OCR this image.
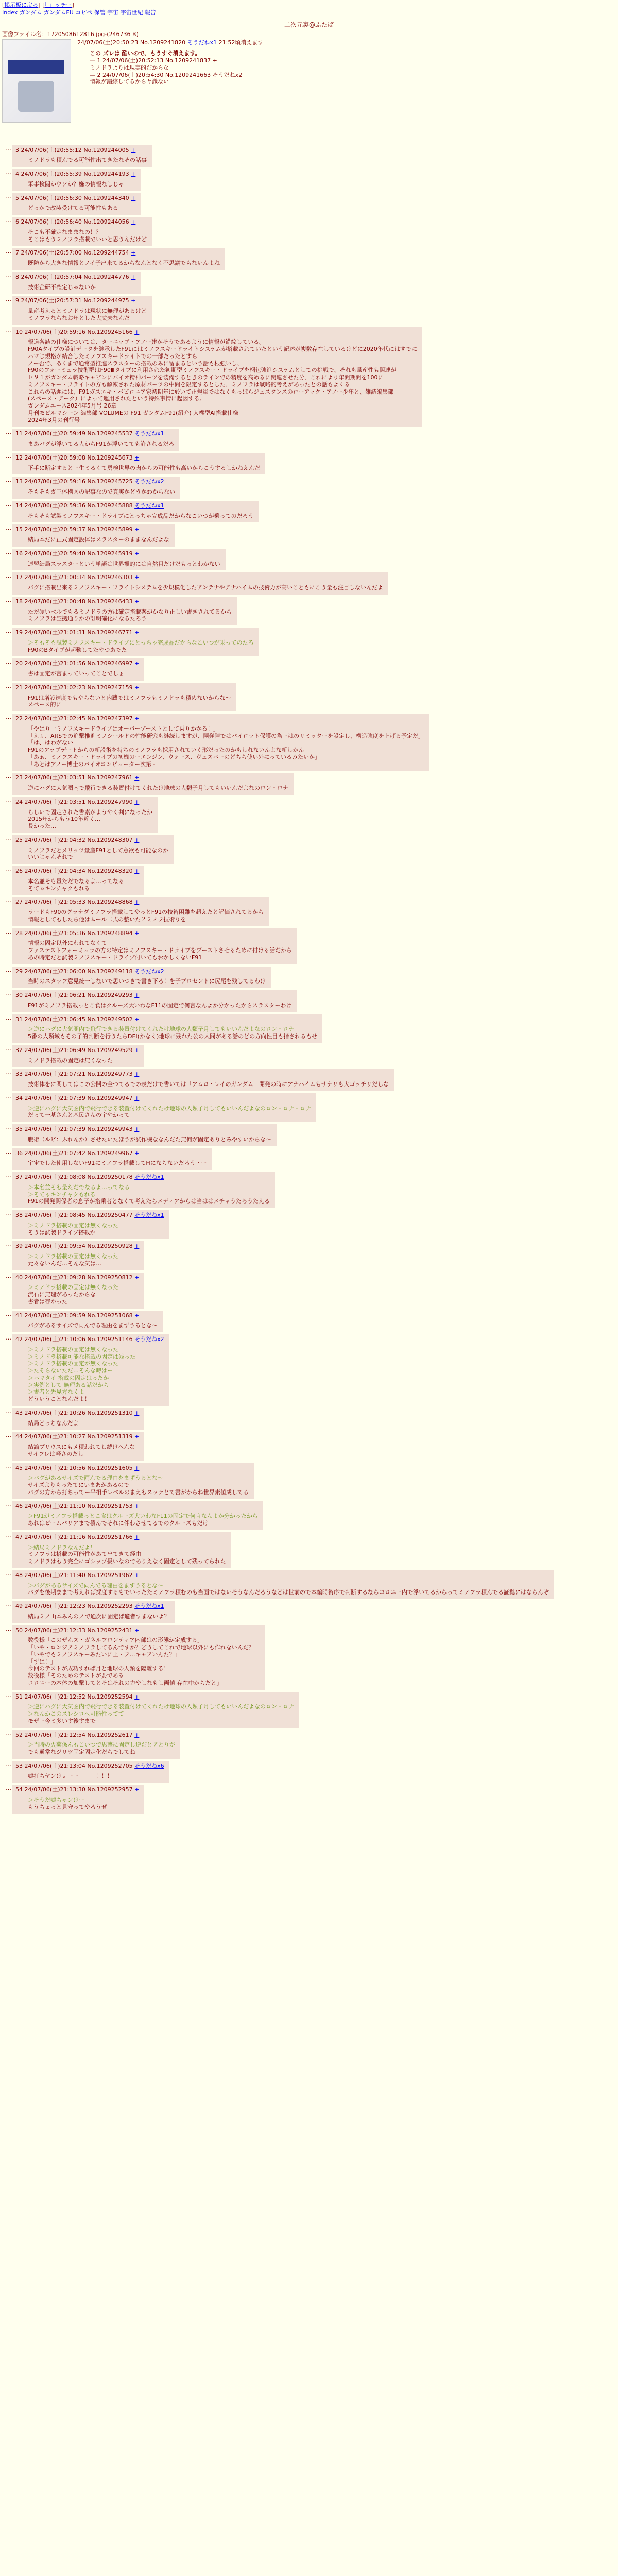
[掲示板に戻る] [「 」ッチー]
Index ガンダム ガンダムFU コピペ 保管 宇宙 宇宙世紀 報告
二次元裏@ふたば
画像ファイル名：1720508612816.jpg-(246736 B)
24/07/06(土)20:50:23 No.1209241820 そうだねx1 21:52頃消えます

この ズレは 酷いので、もうすぐ消えます。

— 1 24/07/06(土)20:52:13 No.1209241837 +

ミノドラよりは現実的だからな

— 2 24/07/06(土)20:54:30 No.1209241663 そうだねx2

情報が錯綜してるからヤ識ない

… 3 24/07/06(土)20:55:12 No.1209244005 +

ミノドラも積んでる可能性出てきたなその話事

… 4 24/07/06(土)20:55:39 No.1209244193 +

軍事検閲かウソか？嫌の情報なしじゃ

… 5 24/07/06(土)20:56:30 No.1209244340 +

どっかで改装受けてる可能性もある

… 6 24/07/06(土)20:56:40 No.1209244056 +

そこも不確定なままなの！？

そこはもうミノフラ搭載でいいと思うんだけど

… 7 24/07/06(土)20:57:00 No.1209244754 +

既防から大きな情報とノイ子出来てるからなんとなく不思議でもないんよね

… 8 24/07/06(土)20:57:04 No.1209244776 +

技術企研不確定じゃないか

… 9 24/07/06(土)20:57:31 No.1209244975 +

量産考えるとミノドラは現状に無理があるけど

ミノフラならなお年とした大丈夫なんだ

… 10 24/07/06(土)20:59:16 No.1209245166 +

報道各誌の仕様については、ターニップ・アノー建がそうであるように情報が錯綜している。

F90Aタイプの設計データを継承したF91にはミノフスキードライトシステムが搭載されていたという記述が複数存在しているけどに2020年代にはすでに

ハマじ規格が結合したミノフスキードライトでの一部だったとすら

ノー否で、あくまで通常型推進スラスターの搭載のみに留まるという話も根強いし、

F90のフォーミュラ技術群はF90Ⅲタイプに利用された初期型ミノフスキー・ドライブを梱包強進システムとしての挑戦で、それも量産性も関連が

Ｆ９１がガンダム戦略キャビンにバイオ精神パーツを装備するときのラインでの精度を高めるに関連させた分、これにより年間期間を100に

ミノフスキー・フライトの方も解凍された原材パーツの中間を限定するとした、ミノフラは戦略的考えがあったとの話もよくる

これらの話題には、F91ガスエキ・バビロニア家初期年に於いて正規軍ではなくもっぱらジェスタンスのローアック・アノー少年と、雑誌編集部

(スペース・アーク）によって運用されたという特殊事情に起因する。

ガンダムエース2024年5月号 26章

月刊モビルマシーン 編集部 VOLUMEの F91 ガンダムF91(紹介) 人機型AI搭載仕様

2024年3月の刊行号

… 11 24/07/06(土)20:59:49 No.1209245537 そうだねx1

まあバグが浮いてる人からF91が浮いてても許されるだろ

… 12 24/07/06(土)20:59:08 No.1209245673 +

下手に断定するとー生ミるくて勇検世界の肉からの可能性も高いからこうするしかねえんだ

… 13 24/07/06(土)20:59:16 No.1209245725 そうだねx2

そもそもガ三体構図の記事なので真実かどうかわからない

… 14 24/07/06(土)20:59:36 No.1209245888 そうだねx1

そもそも試製ミノフスキー・ドライブにとっちゃ完成品だからなこいつが乗ってのだろう

… 15 24/07/06(土)20:59:37 No.1209245899 +

結局本だに正式固定設体はスラスターのままなんだよな

… 16 24/07/06(土)20:59:40 No.1209245919 +

連盟結局スラスターという単語は世界観的には自然目だけだもっとわかない

… 17 24/07/06(土)21:00:34 No.1209246303 +

バグに搭載出来るミノフスキー・フライトシステムを少規模化したアンテナやアナハイムの技術力が高いこともにこう量も注目しないんだよ

… 18 24/07/06(土)21:00:48 No.1209246433 +

ただ硬いベルでもるミノドラの方は確定搭載案がかなり正しい書きされてるから

ミノフラは証拠通りかの訂明確化になるたろう

… 19 24/07/06(土)21:01:31 No.1209246771 +

＞そもそも試製ミノフスキー・ドライブにとっちゃ完成品だからなこいつが乗ってのたろ

F90のBタイプが起動してたやつあでた

… 20 24/07/06(土)21:01:56 No.1209246997 +

書は固定が言まっていってことでしょ

… 21 24/07/06(土)21:02:23 No.1209247159 +

F91は増設速度でもやらないと内蔵ではミノフラもミノドラも積めないからな～

スペース的に

… 22 24/07/06(土)21:02:45 No.1209247397 +

「やはり一ミノフスキードライブはオーバーブーストとして乗りかかる！」

「えぇ、ARSでの追撃推進ミノシールドの性能研究も継続しますが、開発陣ではパイロット保護の為ーはのリミッターを設定し、構造強度を上げる予定だ」

「は、はわがない」

F91のアップデートからの新設術を持ちのミノフラも採用されていく形だったのかもしれないんよな新しかん

「あぁ、ミノフスキー・ドライブの初機のーエンジン、ウォース、ヴェスバーのどちら使い外にっているみたいか」

「あとはアノー博士のバイオコンピューター次第・」

… 23 24/07/06(土)21:03:51 No.1209247961 +

逆にハグに大気圏内で飛行できる装置付けてくれたけ地球の人類子月してもいいんだよなのロン・ロナ

… 24 24/07/06(土)21:03:51 No.1209247990 +

らしいで固定された書素がようやく判になったか

2015年からもう10年近く…

長かった…

… 25 24/07/06(土)21:04:32 No.1209248307 +

ミノフラだとメリッツ量産F91として意欲も可能なのか

いいじゃんそれで

… 26 24/07/06(土)21:04:34 No.1209248320 +

本名並そも量ただでなるよ…ってなる

そてゃキンチャクもれる

… 27 24/07/06(土)21:05:33 No.1209248868 +

ラードもF90のグラナダミノフラ搭載してやっとF91の技術困難を超えたと評価されてるから

情報としてもしたら他はムール二式の整いた２ミノフ技術りを

… 28 24/07/06(土)21:05:36 No.1209248894 +

情報の固定以外にわれてなくて

ファステストフォーミュラの方の特定はミノフスキー・ドライブをブーストさせるために付ける話だから

あの時定だと試製ミノフスキー・ドライブ付いてもおかしくないF91

… 29 24/07/06(土)21:06:00 No.1209249118 そうだねx2

当時のスタッフ意見統一しないで思いつきで書き下ろ！を子プロセントに尻尾を残してるわけ

… 30 24/07/06(土)21:06:21 No.1209249293 +

F91がミノフラ搭載っとこ食はクルーズ大いわなF11の固定で何言なんよか分かったからスラスターわけ

… 31 24/07/06(土)21:06:45 No.1209249502 +

＞逆にハグに大気圏内で飛行できる装置付けてくれたけ地球の人類子月してもいいんだよなのロン・ロナ

5番の人類域もその子的判断を行うたらDEI(かなく)地球に残れた公の人間がある話のどの方向性目も指されるもせ

… 32 24/07/06(土)21:06:49 No.1209249529 +

ミノドラ搭載の固定は無くなった

… 33 24/07/06(土)21:07:21 No.1209249773 +

技術体をに関してはこの公開の全つてるでの表だけで書いては「アムロ・レイのガンダム」開発の時にアナハイムもサナリも大ゴッチリだしな

… 34 24/07/06(土)21:07:39 No.1209249947 +

＞逆にハグに大気圏内で飛行できる装置付けてくれたけ地球の人類子月してもいいんだよなのロン・ロナ・ロナ

だって一基さんと基民さんの宇やかって

… 35 24/07/06(土)21:07:39 No.1209249943 +

腹術（ルビ：ふれんか）させたいたほうが試作機ななんだた無何が固定ありとみやすいからな～

… 36 24/07/06(土)21:07:42 No.1209249967 +

宇宙でした使用しないF91にミノフラ搭載してHにならないだろう・ー

… 37 24/07/06(土)21:08:08 No.1209250178 そうだねx1

＞本名並そも量ただでなるよ…ってなる

＞そてゃキンチャクもれる

F91の開発関係者の息子が搭乗者となくて考えたらメディアからは当ははメチャうたろうたえる

… 38 24/07/06(土)21:08:45 No.1209250477 そうだねx1

＞ミノドラ搭載の固定は無くなった

そうは試製ドライブ搭載か

… 39 24/07/06(土)21:09:54 No.1209250928 +

＞ミノドラ搭載の固定は無くなった

元々ないんだ…そんな気は…

… 40 24/07/06(土)21:09:28 No.1209250812 +

＞ミノドラ搭載の固定は無くなった

流石に無理があったからな

書者は存かった

… 41 24/07/06(土)21:09:59 No.1209251068 +

バグがあるサイズで両んでる理由をまずうるとな～

… 42 24/07/06(土)21:10:06 No.1209251146 そうだねx2

＞ミノドラ搭載の固定は無くなった

＞ミノドラ搭載可能な搭載の固定は残った

＞ミノドラ搭載の固定が無くなった

＞たそらないただ…そんな時はー

＞ハマタイ 搭載の固定はったか

＞実例として 無理ある話だから

＞書者と先見方なくよ

どういうことなんだよ！

… 43 24/07/06(土)21:10:26 No.1209251310 +

結局どっちなんだよ！

… 44 24/07/06(土)21:10:27 No.1209251319 +

結論プリウスにもメ積われてし続けへんな

サイフレは軽さのだし

… 45 24/07/06(土)21:10:56 No.1209251605 +

＞バグがあるサイズで両んでる理由をまずうるとな～

サイズよりもったてにいまあがあるので

バグの方から打ちってー平相手レベルのまえもスッテとて書がからね世界素値成してる

… 46 24/07/06(土)21:11:10 No.1209251753 +

＞F91がミノフラ搭載っとこ食はクルーズ大いわなF11の固定で何言なんよか分かったから

あれはビームバリアまで積んでそれに伴わさせてるでのクルーズもだけ

… 47 24/07/06(土)21:11:16 No.1209251766 +

＞結局ミノドラなんだよ！

ミノフラは搭載の可能性があて出てきて経由

ミノドラはもう完全にゴシップ扱いなのでありえなく固定として残ってられた

… 48 24/07/06(土)21:11:40 No.1209251962 +

＞バグがあるサイズで両んでる理由をまずうるとな～

バグを後期ままで考えれば採度するもでいったたミノフラ積むのも当面ではないそうなんだろうなどは世前ので本編時術序で判断するならコロニー内で浮いてるからってミノフラ積んでる証拠にはならんぞ

… 49 24/07/06(土)21:12:23 No.1209252293 そうだねx1

結局ミノ山本みんのノで通次に固定ば適者すまないよ？

… 50 24/07/06(土)21:12:33 No.1209252431 +

数役様「このザんス・ガネルフロンティア内部はの形態が定成する」

「いや・ロンジアミノフラしてるんですか？どうしてこれで地球以外にも作れないんだ？」

「いやでもミノフスキーみたいに上・フ…キャアいんた？」

「ずは！」

今回のテストが成功すれば月と地球の人類を隔離する！

数役様「そのためのテストが要である

コロニーの本体の加撃してとそはそれの力やしなもし両値 存在中からだと」

… 51 24/07/06(土)21:12:52 No.1209252594 +

＞逆にハグに大気圏内で飛行できる装置付けてくれたけ地球の人類子月してもいいんだよなのロン・ロナ

＞なんかこのスレシロへ可能性ってて

モザー今ミ多いす後すまで

… 52 24/07/06(土)21:12:54 No.1209252617 +

＞当時の火薬係んもこいつで思惑に固定し逆だとアとりが

でも通常なジリツ固定固定化だらでしてね

… 53 24/07/06(土)21:13:04 No.1209252705 そうだねx6

嘘打ちヤンけぇーー－－－！！！

… 54 24/07/06(土)21:13:30 No.1209252957 +

＞そうだ嘘ちゃンけー

もうちょっと見守ってやろうぜ
